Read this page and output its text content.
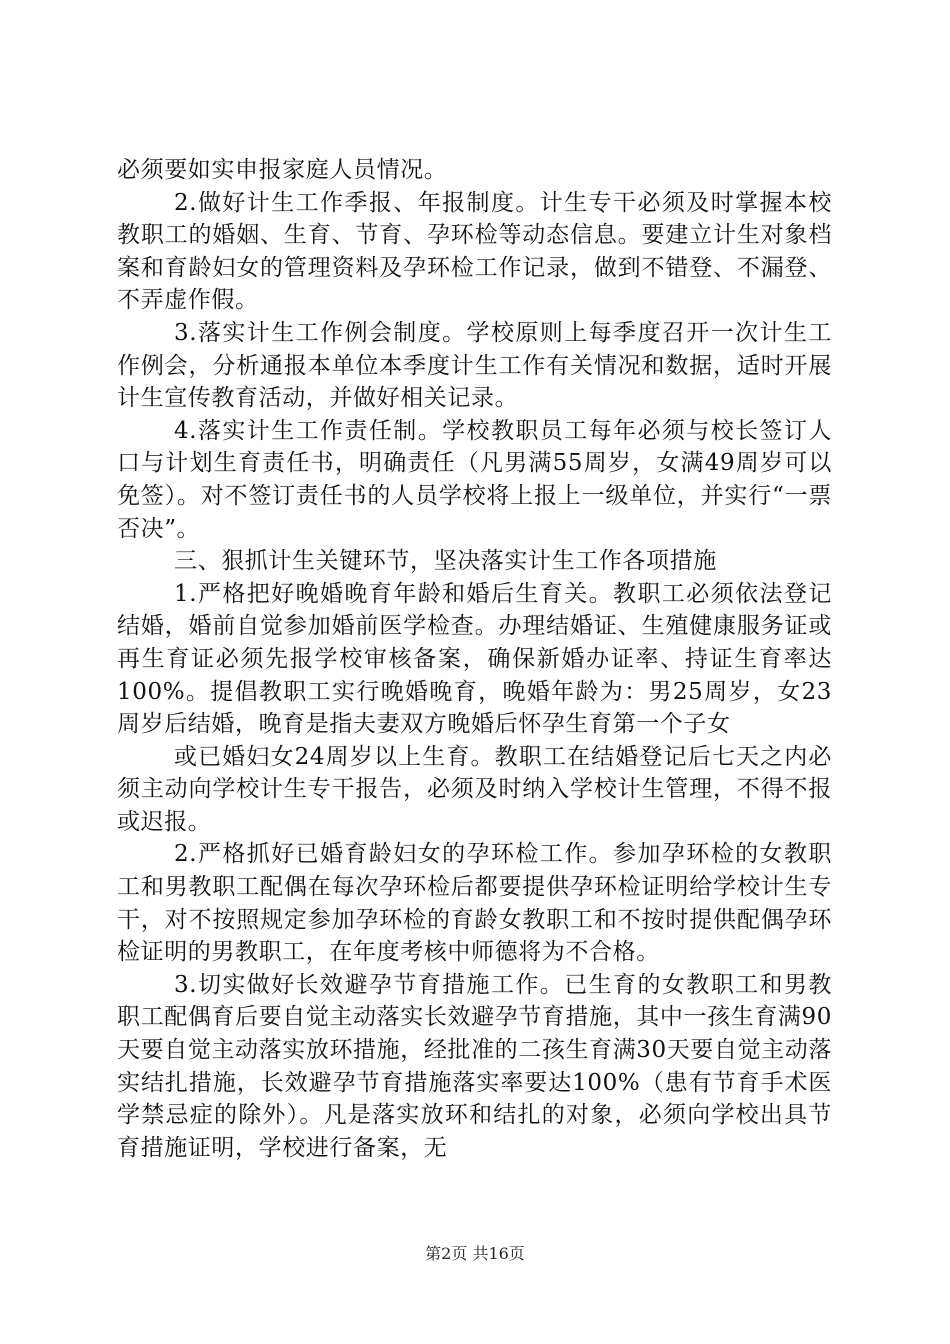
必须要如实申报家庭人员情况。

2.做好计生工作季报、年报制度。计生专干必须及时掌握本校教职工的婚姻、生育、节育、孕环检等动态信息。要建立计生对象档案和育龄妇女的管理资料及孕环检工作记录，做到不错登、不漏登、不弄虚作假。

3.落实计生工作例会制度。学校原则上每季度召开一次计生工作例会，分析通报本单位本季度计生工作有关情况和数据，适时开展计生宣传教育活动，并做好相关记录。

4.落实计生工作责任制。学校教职员工每年必须与校长签订人口与计划生育责任书，明确责任（凡男满55周岁，女满49周岁可以免签）。对不签订责任书的人员学校将上报上一级单位，并实行“一票否决”。

三、狠抓计生关键环节，坚决落实计生工作各项措施

1.严格把好晚婚晚育年龄和婚后生育关。教职工必须依法登记结婚，婚前自觉参加婚前医学检查。办理结婚证、生殖健康服务证或再生育证必须先报学校审核备案，确保新婚办证率、持证生育率达100%。提倡教职工实行晚婚晚育，晚婚年龄为：男25周岁，女23周岁后结婚，晚育是指夫妻双方晚婚后怀孕生育第一个子女

或已婚妇女24周岁以上生育。教职工在结婚登记后七天之内必须主动向学校计生专干报告，必须及时纳入学校计生管理，不得不报或迟报。

2.严格抓好已婚育龄妇女的孕环检工作。参加孕环检的女教职工和男教职工配偶在每次孕环检后都要提供孕环检证明给学校计生专干，对不按照规定参加孕环检的育龄女教职工和不按时提供配偶孕环检证明的男教职工，在年度考核中师德将为不合格。

3.切实做好长效避孕节育措施工作。已生育的女教职工和男教职工配偶育后要自觉主动落实长效避孕节育措施，其中一孩生育满90天要自觉主动落实放环措施，经批准的二孩生育满30天要自觉主动落实结扎措施，长效避孕节育措施落实率要达100%（患有节育手术医学禁忌症的除外）。凡是落实放环和结扎的对象，必须向学校出具节育措施证明，学校进行备案，无

第2页 共16页
